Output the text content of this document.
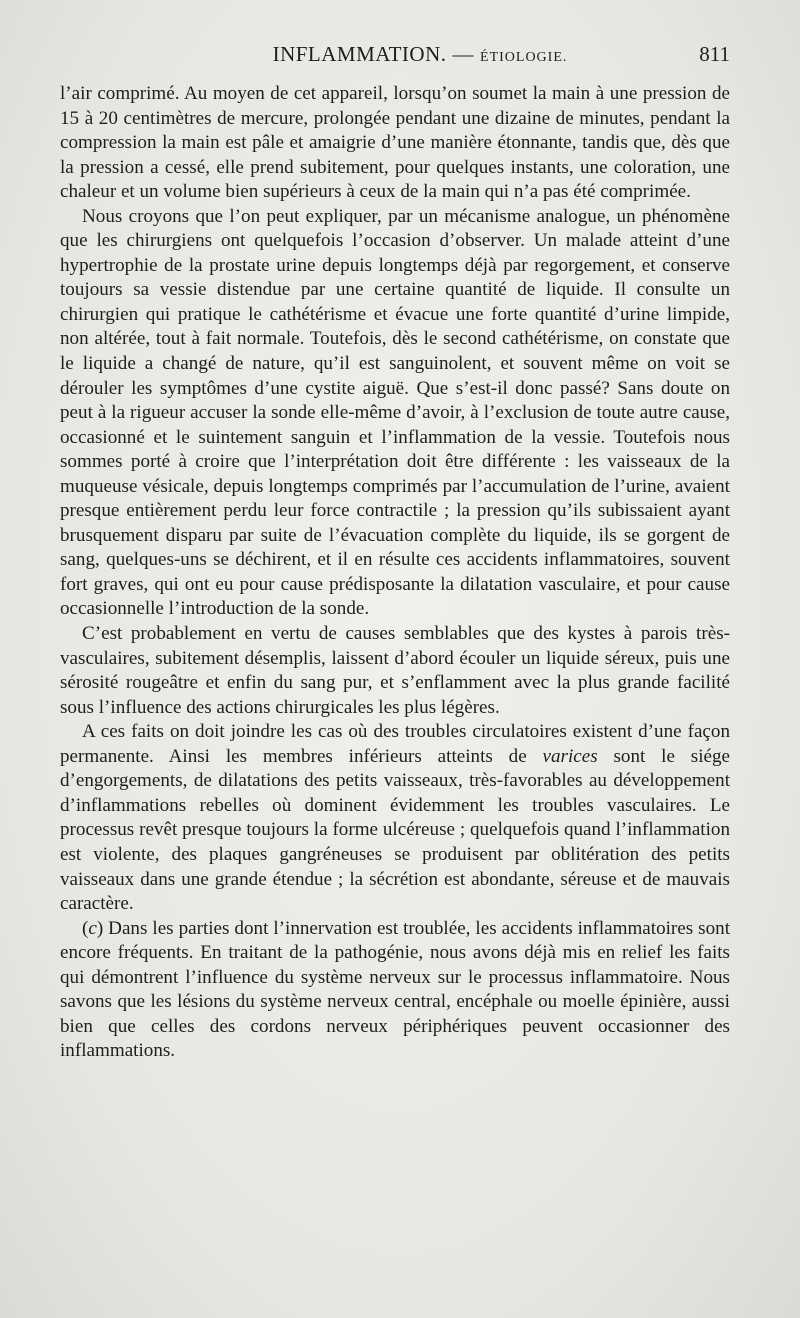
INFLAMMATION. — ÉTIOLOGIE.	811

l’air comprimé. Au moyen de cet appareil, lorsqu’on soumet la main à une pression de 15 à 20 centimètres de mercure, prolongée pendant une dizaine de minutes, pendant la compression la main est pâle et amaigrie d’une manière étonnante, tandis que, dès que la pression a cessé, elle prend subitement, pour quelques instants, une coloration, une chaleur et un volume bien supérieurs à ceux de la main qui n’a pas été comprimée.

Nous croyons que l’on peut expliquer, par un mécanisme analogue, un phénomène que les chirurgiens ont quelquefois l’occasion d’observer. Un malade atteint d’une hypertrophie de la prostate urine depuis longtemps déjà par regorgement, et conserve toujours sa vessie distendue par une certaine quantité de liquide. Il consulte un chirurgien qui pratique le cathétérisme et évacue une forte quantité d’urine limpide, non altérée, tout à fait normale. Toutefois, dès le second cathétérisme, on constate que le liquide a changé de nature, qu’il est sanguinolent, et souvent même on voit se dérouler les symptômes d’une cystite aiguë. Que s’est-il donc passé? Sans doute on peut à la rigueur accuser la sonde elle-même d’avoir, à l’exclusion de toute autre cause, occasionné et le suintement sanguin et l’inflammation de la vessie. Toutefois nous sommes porté à croire que l’interprétation doit être différente : les vaisseaux de la muqueuse vésicale, depuis longtemps comprimés par l’accumulation de l’urine, avaient presque entièrement perdu leur force contractile ; la pression qu’ils subissaient ayant brusquement disparu par suite de l’évacuation complète du liquide, ils se gorgent de sang, quelques-uns se déchirent, et il en résulte ces accidents inflammatoires, souvent fort graves, qui ont eu pour cause prédisposante la dilatation vasculaire, et pour cause occasionnelle l’introduction de la sonde.

C’est probablement en vertu de causes semblables que des kystes à parois très-vasculaires, subitement désemplis, laissent d’abord écouler un liquide séreux, puis une sérosité rougeâtre et enfin du sang pur, et s’enflamment avec la plus grande facilité sous l’influence des actions chirurgicales les plus légères.

A ces faits on doit joindre les cas où des troubles circulatoires existent d’une façon permanente. Ainsi les membres inférieurs atteints de varices sont le siége d’engorgements, de dilatations des petits vaisseaux, très-favorables au développement d’inflammations rebelles où dominent évidemment les troubles vasculaires. Le processus revêt presque toujours la forme ulcéreuse ; quelquefois quand l’inflammation est violente, des plaques gangréneuses se produisent par oblitération des petits vaisseaux dans une grande étendue ; la sécrétion est abondante, séreuse et de mauvais caractère.

(c) Dans les parties dont l’innervation est troublée, les accidents inflammatoires sont encore fréquents. En traitant de la pathogénie, nous avons déjà mis en relief les faits qui démontrent l’influence du système nerveux sur le processus inflammatoire. Nous savons que les lésions du système nerveux central, encéphale ou moelle épinière, aussi bien que celles des cordons nerveux périphériques peuvent occasionner des inflammations.
